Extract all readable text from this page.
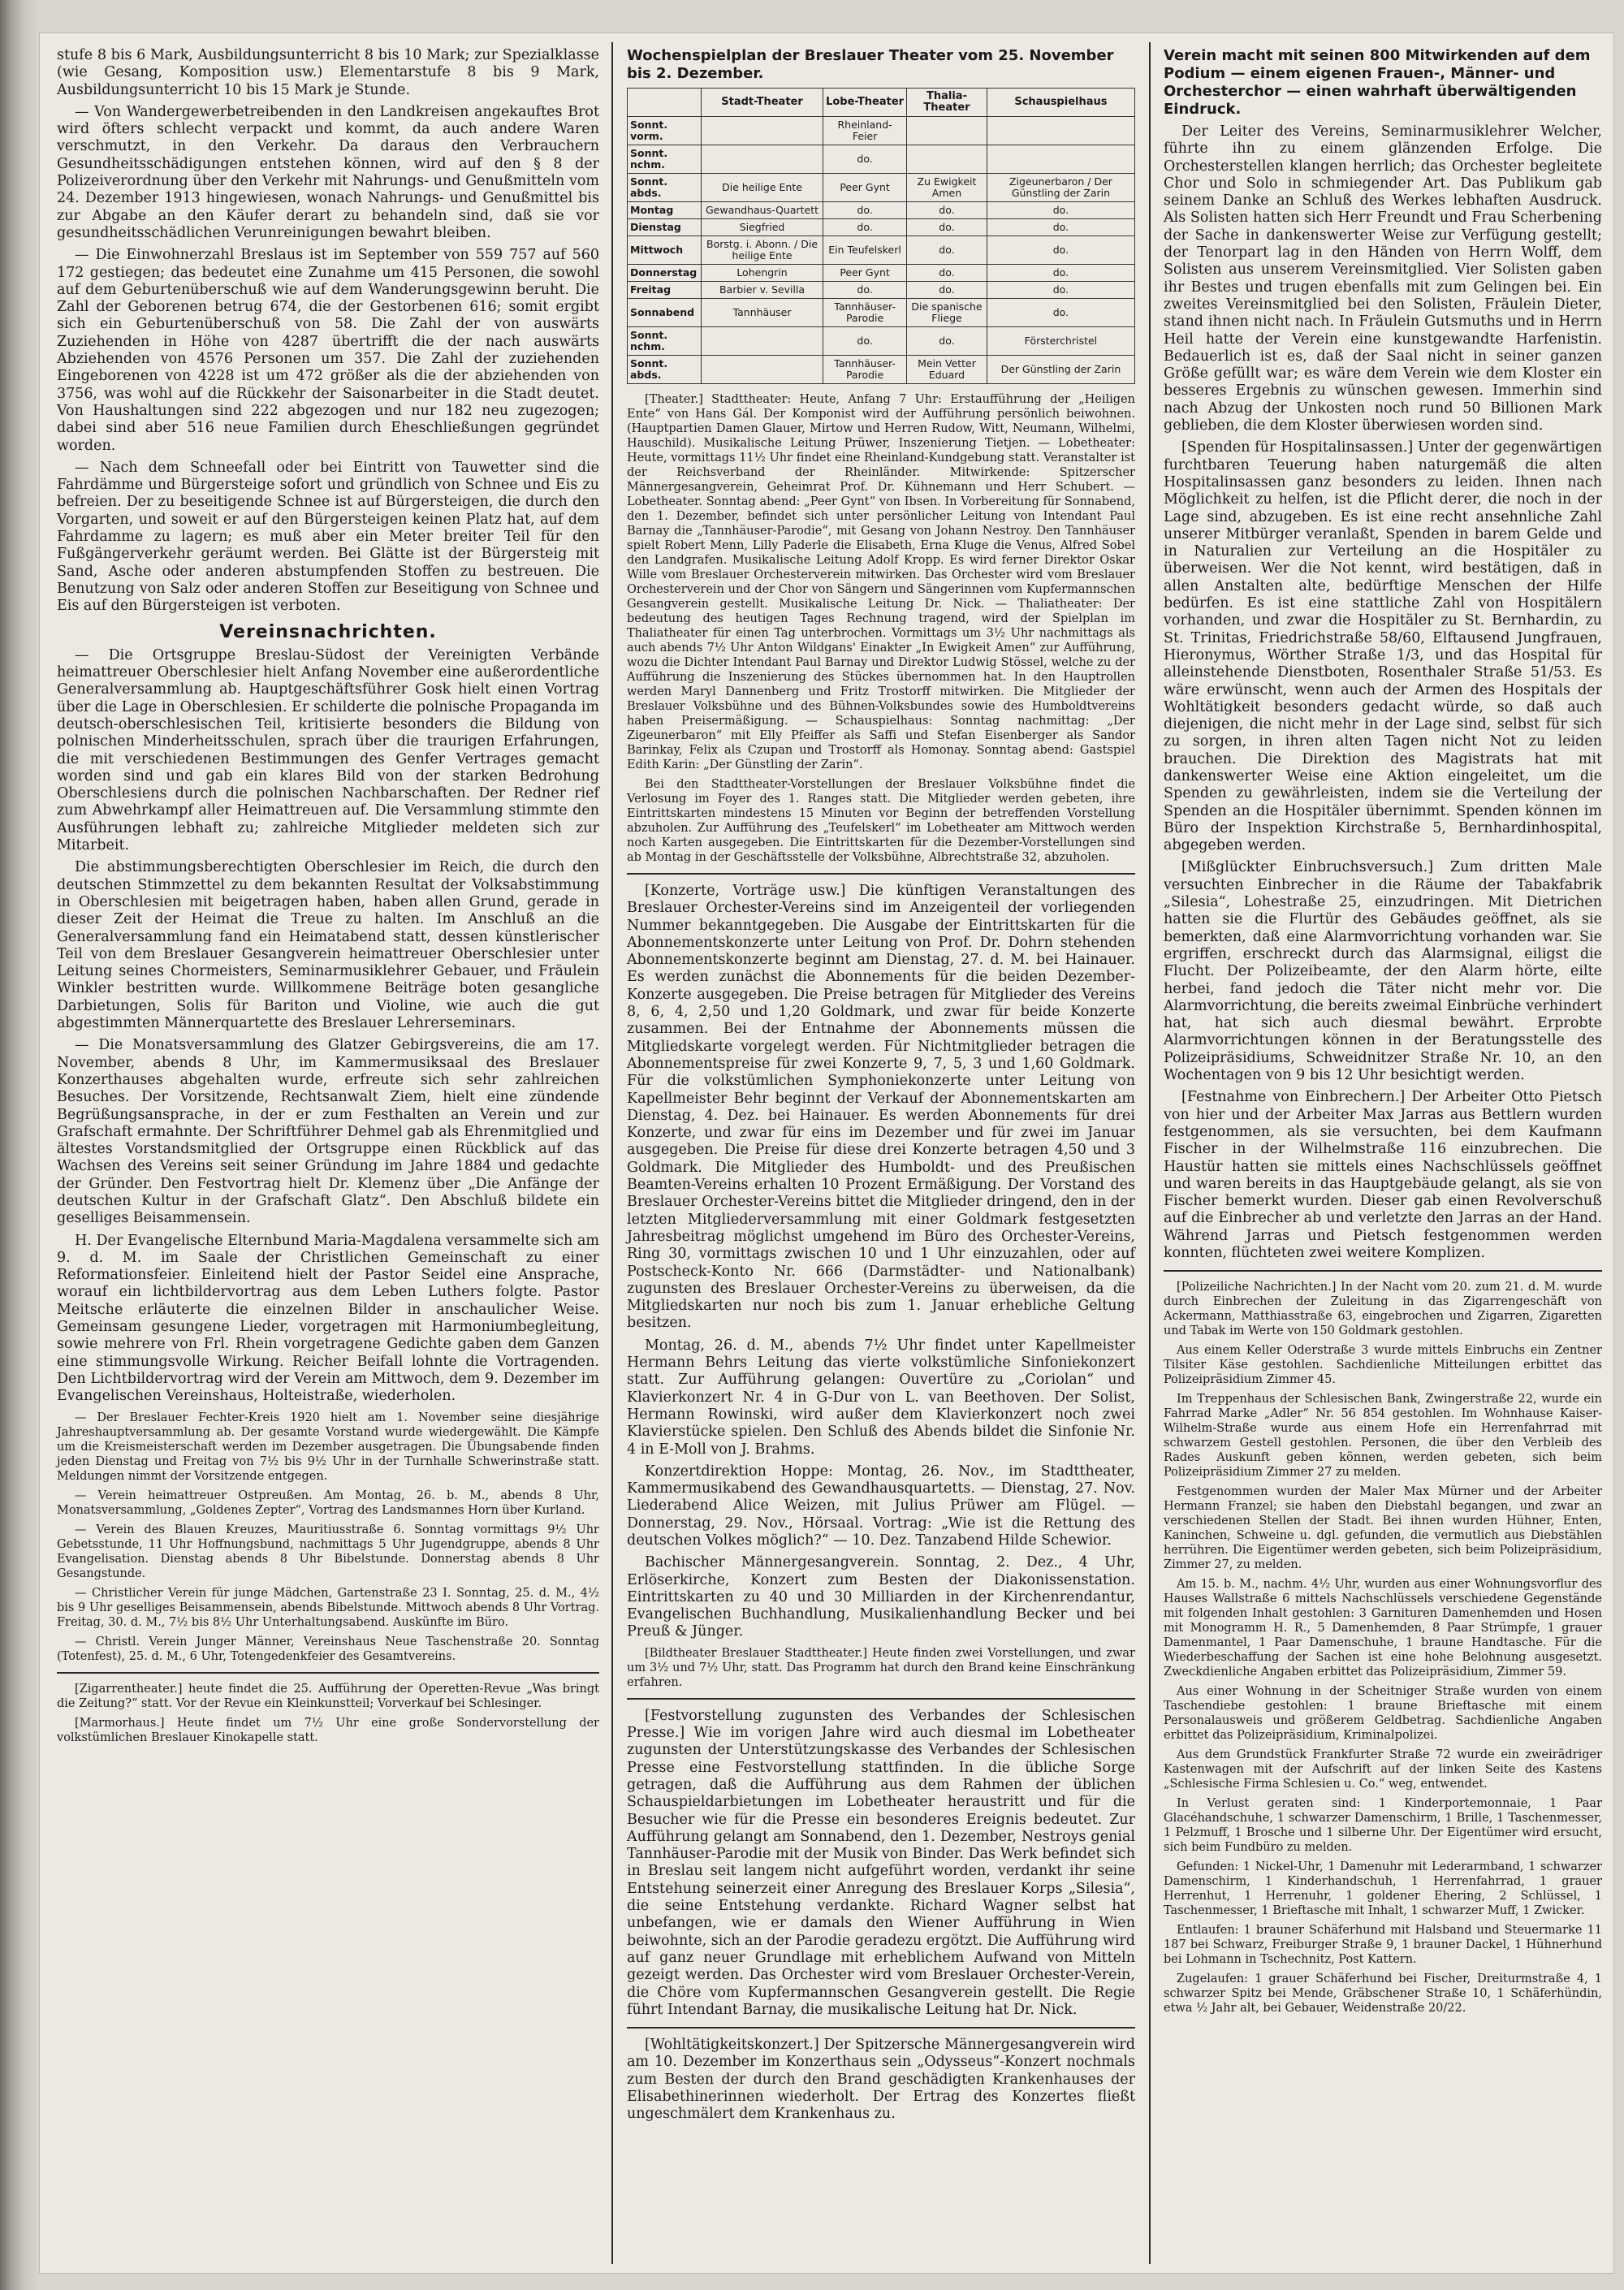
stufe 8 bis 6 Mark, Ausbildungsunterricht 8 bis 10 Mark; zur Spezialklasse (wie Gesang, Komposition usw.) Elementarstufe 8 bis 9 Mark, Ausbildungsunterricht 10 bis 15 Mark je Stunde.

— Von Wandergewerbetreibenden in den Landkreisen angekauftes Brot wird öfters schlecht verpackt und kommt, da auch andere Waren verschmutzt, in den Verkehr. Da daraus den Verbrauchern Gesundheitsschädigungen entstehen können, wird auf den § 8 der Polizeiverordnung über den Verkehr mit Nahrungs- und Genußmitteln vom 24. Dezember 1913 hingewiesen, wonach Nahrungs- und Genußmittel bis zur Abgabe an den Käufer derart zu behandeln sind, daß sie vor gesundheitsschädlichen Verunreinigungen bewahrt bleiben.

— Die Einwohnerzahl Breslaus ist im September von 559 757 auf 560 172 gestiegen; das bedeutet eine Zunahme um 415 Personen, die sowohl auf dem Geburtenüberschuß wie auf dem Wanderungsgewinn beruht. Die Zahl der Geborenen betrug 674, die der Gestorbenen 616; somit ergibt sich ein Geburtenüberschuß von 58. Die Zahl der von auswärts Zuziehenden in Höhe von 4287 übertrifft die der nach auswärts Abziehenden von 4576 Personen um 357. Die Zahl der zuziehenden Eingeborenen von 4228 ist um 472 größer als die der abziehenden von 3756, was wohl auf die Rückkehr der Saisonarbeiter in die Stadt deutet. Von Haushaltungen sind 222 abgezogen und nur 182 neu zugezogen; dabei sind aber 516 neue Familien durch Eheschließungen gegründet worden.

— Nach dem Schneefall oder bei Eintritt von Tauwetter sind die Fahrdämme und Bürgersteige sofort und gründlich von Schnee und Eis zu befreien. Der zu beseitigende Schnee ist auf Bürgersteigen, die durch den Vorgarten, und soweit er auf den Bürgersteigen keinen Platz hat, auf dem Fahrdamme zu lagern; es muß aber ein Meter breiter Teil für den Fußgängerverkehr geräumt werden. Bei Glätte ist der Bürgersteig mit Sand, Asche oder anderen abstumpfenden Stoffen zu bestreuen. Die Benutzung von Salz oder anderen Stoffen zur Beseitigung von Schnee und Eis auf den Bürgersteigen ist verboten.

Vereinsnachrichten.

— Die Ortsgruppe Breslau-Südost der Vereinigten Verbände heimattreuer Oberschlesier hielt Anfang November eine außerordentliche Generalversammlung ab. Hauptgeschäftsführer Gosk hielt einen Vortrag über die Lage in Oberschlesien. Er schilderte die polnische Propaganda im deutsch-oberschlesischen Teil, kritisierte besonders die Bildung von polnischen Minderheitsschulen, sprach über die traurigen Erfahrungen, die mit verschiedenen Bestimmungen des Genfer Vertrages gemacht worden sind und gab ein klares Bild von der starken Bedrohung Oberschlesiens durch die polnischen Nachbarschaften. Der Redner rief zum Abwehrkampf aller Heimattreuen auf. Die Versammlung stimmte den Ausführungen lebhaft zu; zahlreiche Mitglieder meldeten sich zur Mitarbeit.

Die abstimmungsberechtigten Oberschlesier im Reich, die durch den deutschen Stimmzettel zu dem bekannten Resultat der Volksabstimmung in Oberschlesien mit beigetragen haben, haben allen Grund, gerade in dieser Zeit der Heimat die Treue zu halten. Im Anschluß an die Generalversammlung fand ein Heimatabend statt, dessen künstlerischer Teil von dem Breslauer Gesangverein heimattreuer Oberschlesier unter Leitung seines Chormeisters, Seminarmusiklehrer Gebauer, und Fräulein Winkler bestritten wurde. Willkommene Beiträge boten gesangliche Darbietungen, Solis für Bariton und Violine, wie auch die gut abgestimmten Männerquartette des Breslauer Lehrerseminars.

— Die Monatsversammlung des Glatzer Gebirgsvereins, die am 17. November, abends 8 Uhr, im Kammermusiksaal des Breslauer Konzerthauses abgehalten wurde, erfreute sich sehr zahlreichen Besuches. Der Vorsitzende, Rechtsanwalt Ziem, hielt eine zündende Begrüßungsansprache, in der er zum Festhalten an Verein und zur Grafschaft ermahnte. Der Schriftführer Dehmel gab als Ehrenmitglied und ältestes Vorstandsmitglied der Ortsgruppe einen Rückblick auf das Wachsen des Vereins seit seiner Gründung im Jahre 1884 und gedachte der Gründer. Den Festvortrag hielt Dr. Klemenz über „Die Anfänge der deutschen Kultur in der Grafschaft Glatz“. Den Abschluß bildete ein geselliges Beisammensein.

H. Der Evangelische Elternbund Maria-Magdalena versammelte sich am 9. d. M. im Saale der Christlichen Gemeinschaft zu einer Reformationsfeier. Einleitend hielt der Pastor Seidel eine Ansprache, worauf ein lichtbildervortrag aus dem Leben Luthers folgte. Pastor Meitsche erläuterte die einzelnen Bilder in anschaulicher Weise. Gemeinsam gesungene Lieder, vorgetragen mit Harmoniumbegleitung, sowie mehrere von Frl. Rhein vorgetragene Gedichte gaben dem Ganzen eine stimmungsvolle Wirkung. Reicher Beifall lohnte die Vortragenden. Den Lichtbildervortrag wird der Verein am Mittwoch, dem 9. Dezember im Evangelischen Vereinshaus, Holteistraße, wiederholen.

— Der Breslauer Fechter-Kreis 1920 hielt am 1. November seine diesjährige Jahreshauptversammlung ab. Der gesamte Vorstand wurde wiedergewählt. Die Kämpfe um die Kreismeisterschaft werden im Dezember ausgetragen. Die Übungsabende finden jeden Dienstag und Freitag von 7½ bis 9½ Uhr in der Turnhalle Schwerinstraße statt. Meldungen nimmt der Vorsitzende entgegen.

— Verein heimattreuer Ostpreußen. Am Montag, 26. b. M., abends 8 Uhr, Monatsversammlung, „Goldenes Zepter“, Vortrag des Landsmannes Horn über Kurland.

— Verein des Blauen Kreuzes, Mauritiusstraße 6. Sonntag vormittags 9½ Uhr Gebetsstunde, 11 Uhr Hoffnungsbund, nachmittags 5 Uhr Jugendgruppe, abends 8 Uhr Evangelisation. Dienstag abends 8 Uhr Bibelstunde. Donnerstag abends 8 Uhr Gesangstunde.

— Christlicher Verein für junge Mädchen, Gartenstraße 23 I. Sonntag, 25. d. M., 4½ bis 9 Uhr geselliges Beisammensein, abends Bibelstunde. Mittwoch abends 8 Uhr Vortrag. Freitag, 30. d. M., 7½ bis 8½ Uhr Unterhaltungsabend. Auskünfte im Büro.

— Christl. Verein Junger Männer, Vereinshaus Neue Taschenstraße 20. Sonntag (Totenfest), 25. d. M., 6 Uhr, Totengedenkfeier des Gesamtvereins.

[Zigarrentheater.] heute findet die 25. Aufführung der Operetten-Revue „Was bringt die Zeitung?“ statt. Vor der Revue ein Kleinkunstteil; Vorverkauf bei Schlesinger.

[Marmorhaus.] Heute findet um 7½ Uhr eine große Sondervorstellung der volkstümlichen Breslauer Kinokapelle statt.

Wochenspielplan der Breslauer Theater vom 25. November bis 2. Dezember.
	Stadt-Theater	Lobe-Theater	Thalia-Theater	Schauspielhaus
Sonnt. vorm.		Rheinland-Feier		
Sonnt. nchm.		do.		
Sonnt. abds.	Die heilige Ente	Peer Gynt	Zu Ewigkeit Amen	Zigeunerbaron / Der Günstling der Zarin
Montag	Gewandhaus-Quartett	do.	do.	do.
Dienstag	Siegfried	do.	do.	do.
Mittwoch	Borstg. i. Abonn. / Die heilige Ente	Ein Teufelskerl	do.	do.
Donnerstag	Lohengrin	Peer Gynt	do.	do.
Freitag	Barbier v. Sevilla	do.	do.	do.
Sonnabend	Tannhäuser	Tannhäuser-Parodie	Die spanische Fliege	do.
Sonnt. nchm.		do.	do.	Försterchristel
Sonnt. abds.		Tannhäuser-Parodie	Mein Vetter Eduard	Der Günstling der Zarin

[Theater.] Stadttheater: Heute, Anfang 7 Uhr: Erstaufführung der „Heiligen Ente“ von Hans Gál. Der Komponist wird der Aufführung persönlich beiwohnen. (Hauptpartien Damen Glauer, Mirtow und Herren Rudow, Witt, Neumann, Wilhelmi, Hauschild). Musikalische Leitung Prüwer, Inszenierung Tietjen. — Lobetheater: Heute, vormittags 11½ Uhr findet eine Rheinland-Kundgebung statt. Veranstalter ist der Reichsverband der Rheinländer. Mitwirkende: Spitzerscher Männergesangverein, Geheimrat Prof. Dr. Kühnemann und Herr Schubert. — Lobetheater. Sonntag abend: „Peer Gynt“ von Ibsen. In Vorbereitung für Sonnabend, den 1. Dezember, befindet sich unter persönlicher Leitung von Intendant Paul Barnay die „Tannhäuser-Parodie“, mit Gesang von Johann Nestroy. Den Tannhäuser spielt Robert Menn, Lilly Paderle die Elisabeth, Erna Kluge die Venus, Alfred Sobel den Landgrafen. Musikalische Leitung Adolf Kropp. Es wird ferner Direktor Oskar Wille vom Breslauer Orchesterverein mitwirken. Das Orchester wird vom Breslauer Orchesterverein und der Chor von Sängern und Sängerinnen vom Kupfermannschen Gesangverein gestellt. Musikalische Leitung Dr. Nick. — Thaliatheater: Der bedeutung des heutigen Tages Rechnung tragend, wird der Spielplan im Thaliatheater für einen Tag unterbrochen. Vormittags um 3½ Uhr nachmittags als auch abends 7½ Uhr Anton Wildgans' Einakter „In Ewigkeit Amen“ zur Aufführung, wozu die Dichter Intendant Paul Barnay und Direktor Ludwig Stössel, welche zu der Aufführung die Inszenierung des Stückes übernommen hat. In den Hauptrollen werden Maryl Dannenberg und Fritz Trostorff mitwirken. Die Mitglieder der Breslauer Volksbühne und des Bühnen-Volksbundes sowie des Humboldtvereins haben Preisermäßigung. — Schauspielhaus: Sonntag nachmittag: „Der Zigeunerbaron“ mit Elly Pfeiffer als Saffi und Stefan Eisenberger als Sandor Barinkay, Felix als Czupan und Trostorff als Homonay. Sonntag abend: Gastspiel Edith Karin: „Der Günstling der Zarin“.

Bei den Stadttheater-Vorstellungen der Breslauer Volksbühne findet die Verlosung im Foyer des 1. Ranges statt. Die Mitglieder werden gebeten, ihre Eintrittskarten mindestens 15 Minuten vor Beginn der betreffenden Vorstellung abzuholen. Zur Aufführung des „Teufelskerl“ im Lobetheater am Mittwoch werden noch Karten ausgegeben. Die Eintrittskarten für die Dezember-Vorstellungen sind ab Montag in der Geschäftsstelle der Volksbühne, Albrechtstraße 32, abzuholen.

[Konzerte, Vorträge usw.] Die künftigen Veranstaltungen des Breslauer Orchester-Vereins sind im Anzeigenteil der vorliegenden Nummer bekanntgegeben. Die Ausgabe der Eintrittskarten für die Abonnementskonzerte unter Leitung von Prof. Dr. Dohrn stehenden Abonnementskonzerte beginnt am Dienstag, 27. d. M. bei Hainauer. Es werden zunächst die Abonnements für die beiden Dezember-Konzerte ausgegeben. Die Preise betragen für Mitglieder des Vereins 8, 6, 4, 2,50 und 1,20 Goldmark, und zwar für beide Konzerte zusammen. Bei der Entnahme der Abonnements müssen die Mitgliedskarte vorgelegt werden. Für Nichtmitglieder betragen die Abonnementspreise für zwei Konzerte 9, 7, 5, 3 und 1,60 Goldmark. Für die volkstümlichen Symphoniekonzerte unter Leitung von Kapellmeister Behr beginnt der Verkauf der Abonnementskarten am Dienstag, 4. Dez. bei Hainauer. Es werden Abonnements für drei Konzerte, und zwar für eins im Dezember und für zwei im Januar ausgegeben. Die Preise für diese drei Konzerte betragen 4,50 und 3 Goldmark. Die Mitglieder des Humboldt- und des Preußischen Beamten-Vereins erhalten 10 Prozent Ermäßigung. Der Vorstand des Breslauer Orchester-Vereins bittet die Mitglieder dringend, den in der letzten Mitgliederversammlung mit einer Goldmark festgesetzten Jahresbeitrag möglichst umgehend im Büro des Orchester-Vereins, Ring 30, vormittags zwischen 10 und 1 Uhr einzuzahlen, oder auf Postscheck-Konto Nr. 666 (Darmstädter- und Nationalbank) zugunsten des Breslauer Orchester-Vereins zu überweisen, da die Mitgliedskarten nur noch bis zum 1. Januar erhebliche Geltung besitzen.

Montag, 26. d. M., abends 7½ Uhr findet unter Kapellmeister Hermann Behrs Leitung das vierte volkstümliche Sinfoniekonzert statt. Zur Aufführung gelangen: Ouvertüre zu „Coriolan“ und Klavierkonzert Nr. 4 in G-Dur von L. van Beethoven. Der Solist, Hermann Rowinski, wird außer dem Klavierkonzert noch zwei Klavierstücke spielen. Den Schluß des Abends bildet die Sinfonie Nr. 4 in E-Moll von J. Brahms.

Konzertdirektion Hoppe: Montag, 26. Nov., im Stadttheater, Kammermusikabend des Gewandhausquartetts. — Dienstag, 27. Nov. Liederabend Alice Weizen, mit Julius Prüwer am Flügel. — Donnerstag, 29. Nov., Hörsaal. Vortrag: „Wie ist die Rettung des deutschen Volkes möglich?“ — 10. Dez. Tanzabend Hilde Schewior.

Bachischer Männergesangverein. Sonntag, 2. Dez., 4 Uhr, Erlöserkirche, Konzert zum Besten der Diakonissenstation. Eintrittskarten zu 40 und 30 Milliarden in der Kirchenrendantur, Evangelischen Buchhandlung, Musikalienhandlung Becker und bei Preuß & Jünger.

[Bildtheater Breslauer Stadttheater.] Heute finden zwei Vorstellungen, und zwar um 3½ und 7½ Uhr, statt. Das Programm hat durch den Brand keine Einschränkung erfahren.

[Festvorstellung zugunsten des Verbandes der Schlesischen Presse.] Wie im vorigen Jahre wird auch diesmal im Lobetheater zugunsten der Unterstützungskasse des Verbandes der Schlesischen Presse eine Festvorstellung stattfinden. In die übliche Sorge getragen, daß die Aufführung aus dem Rahmen der üblichen Schauspieldarbietungen im Lobetheater heraustritt und für die Besucher wie für die Presse ein besonderes Ereignis bedeutet. Zur Aufführung gelangt am Sonnabend, den 1. Dezember, Nestroys genial Tannhäuser-Parodie mit der Musik von Binder. Das Werk befindet sich in Breslau seit langem nicht aufgeführt worden, verdankt ihr seine Entstehung seinerzeit einer Anregung des Breslauer Korps „Silesia“, die seine Entstehung verdankte. Richard Wagner selbst hat unbefangen, wie er damals den Wiener Aufführung in Wien beiwohnte, sich an der Parodie geradezu ergötzt. Die Aufführung wird auf ganz neuer Grundlage mit erheblichem Aufwand von Mitteln gezeigt werden. Das Orchester wird vom Breslauer Orchester-Verein, die Chöre vom Kupfermannschen Gesangverein gestellt. Die Regie führt Intendant Barnay, die musikalische Leitung hat Dr. Nick.

[Wohltätigkeitskonzert.] Der Spitzersche Männergesangverein wird am 10. Dezember im Konzerthaus sein „Odysseus“-Konzert nochmals zum Besten der durch den Brand geschädigten Krankenhauses der Elisabethinerinnen wiederholt. Der Ertrag des Konzertes fließt ungeschmälert dem Krankenhaus zu.

Verein macht mit seinen 800 Mitwirkenden auf dem Podium — einem eigenen Frauen-, Männer- und Orchesterchor — einen wahrhaft überwältigenden Eindruck.

Der Leiter des Vereins, Seminarmusiklehrer Welcher, führte ihn zu einem glänzenden Erfolge. Die Orchesterstellen klangen herrlich; das Orchester begleitete Chor und Solo in schmiegender Art. Das Publikum gab seinem Danke an Schluß des Werkes lebhaften Ausdruck. Als Solisten hatten sich Herr Freundt und Frau Scherbening der Sache in dankenswerter Weise zur Verfügung gestellt; der Tenorpart lag in den Händen von Herrn Wolff, dem Solisten aus unserem Vereinsmitglied. Vier Solisten gaben ihr Bestes und trugen ebenfalls mit zum Gelingen bei. Ein zweites Vereinsmitglied bei den Solisten, Fräulein Dieter, stand ihnen nicht nach. In Fräulein Gutsmuths und in Herrn Heil hatte der Verein eine kunstgewandte Harfenistin. Bedauerlich ist es, daß der Saal nicht in seiner ganzen Größe gefüllt war; es wäre dem Verein wie dem Kloster ein besseres Ergebnis zu wünschen gewesen. Immerhin sind nach Abzug der Unkosten noch rund 50 Billionen Mark geblieben, die dem Kloster überwiesen worden sind.

[Spenden für Hospitalinsassen.] Unter der gegenwärtigen furchtbaren Teuerung haben naturgemäß die alten Hospitalinsassen ganz besonders zu leiden. Ihnen nach Möglichkeit zu helfen, ist die Pflicht derer, die noch in der Lage sind, abzugeben. Es ist eine recht ansehnliche Zahl unserer Mitbürger veranlaßt, Spenden in barem Gelde und in Naturalien zur Verteilung an die Hospitäler zu überweisen. Wer die Not kennt, wird bestätigen, daß in allen Anstalten alte, bedürftige Menschen der Hilfe bedürfen. Es ist eine stattliche Zahl von Hospitälern vorhanden, und zwar die Hospitäler zu St. Bernhardin, zu St. Trinitas, Friedrichstraße 58/60, Elftausend Jungfrauen, Hieronymus, Wörther Straße 1/3, und das Hospital für alleinstehende Dienstboten, Rosenthaler Straße 51/53. Es wäre erwünscht, wenn auch der Armen des Hospitals der Wohltätigkeit besonders gedacht würde, so daß auch diejenigen, die nicht mehr in der Lage sind, selbst für sich zu sorgen, in ihren alten Tagen nicht Not zu leiden brauchen. Die Direktion des Magistrats hat mit dankenswerter Weise eine Aktion eingeleitet, um die Spenden zu gewährleisten, indem sie die Verteilung der Spenden an die Hospitäler übernimmt. Spenden können im Büro der Inspektion Kirchstraße 5, Bernhardinhospital, abgegeben werden.

[Mißglückter Einbruchsversuch.] Zum dritten Male versuchten Einbrecher in die Räume der Tabakfabrik „Silesia“, Lohestraße 25, einzudringen. Mit Dietrichen hatten sie die Flurtür des Gebäudes geöffnet, als sie bemerkten, daß eine Alarmvorrichtung vorhanden war. Sie ergriffen, erschreckt durch das Alarmsignal, eiligst die Flucht. Der Polizeibeamte, der den Alarm hörte, eilte herbei, fand jedoch die Täter nicht mehr vor. Die Alarmvorrichtung, die bereits zweimal Einbrüche verhindert hat, hat sich auch diesmal bewährt. Erprobte Alarmvorrichtungen können in der Beratungsstelle des Polizeipräsidiums, Schweidnitzer Straße Nr. 10, an den Wochentagen von 9 bis 12 Uhr besichtigt werden.

[Festnahme von Einbrechern.] Der Arbeiter Otto Pietsch von hier und der Arbeiter Max Jarras aus Bettlern wurden festgenommen, als sie versuchten, bei dem Kaufmann Fischer in der Wilhelmstraße 116 einzubrechen. Die Haustür hatten sie mittels eines Nachschlüssels geöffnet und waren bereits in das Hauptgebäude gelangt, als sie von Fischer bemerkt wurden. Dieser gab einen Revolverschuß auf die Einbrecher ab und verletzte den Jarras an der Hand. Während Jarras und Pietsch festgenommen werden konnten, flüchteten zwei weitere Komplizen.

[Polizeiliche Nachrichten.] In der Nacht vom 20. zum 21. d. M. wurde durch Einbrechen der Zuleitung in das Zigarrengeschäft von Ackermann, Matthiasstraße 63, eingebrochen und Zigarren, Zigaretten und Tabak im Werte von 150 Goldmark gestohlen.

Aus einem Keller Oderstraße 3 wurde mittels Einbruchs ein Zentner Tilsiter Käse gestohlen. Sachdienliche Mitteilungen erbittet das Polizeipräsidium Zimmer 45.

Im Treppenhaus der Schlesischen Bank, Zwingerstraße 22, wurde ein Fahrrad Marke „Adler“ Nr. 56 854 gestohlen. Im Wohnhause Kaiser-Wilhelm-Straße wurde aus einem Hofe ein Herrenfahrrad mit schwarzem Gestell gestohlen. Personen, die über den Verbleib des Rades Auskunft geben können, werden gebeten, sich beim Polizeipräsidium Zimmer 27 zu melden.

Festgenommen wurden der Maler Max Mürner und der Arbeiter Hermann Franzel; sie haben den Diebstahl begangen, und zwar an verschiedenen Stellen der Stadt. Bei ihnen wurden Hühner, Enten, Kaninchen, Schweine u. dgl. gefunden, die vermutlich aus Diebstählen herrühren. Die Eigentümer werden gebeten, sich beim Polizeipräsidium, Zimmer 27, zu melden.

Am 15. b. M., nachm. 4½ Uhr, wurden aus einer Wohnungsvorflur des Hauses Wallstraße 6 mittels Nachschlüssels verschiedene Gegenstände mit folgenden Inhalt gestohlen: 3 Garnituren Damenhemden und Hosen mit Monogramm H. R., 5 Damenhemden, 8 Paar Strümpfe, 1 grauer Damenmantel, 1 Paar Damenschuhe, 1 braune Handtasche. Für die Wiederbeschaffung der Sachen ist eine hohe Belohnung ausgesetzt. Zweckdienliche Angaben erbittet das Polizeipräsidium, Zimmer 59.

Aus einer Wohnung in der Scheitniger Straße wurden von einem Taschendiebe gestohlen: 1 braune Brieftasche mit einem Personalausweis und größerem Geldbetrag. Sachdienliche Angaben erbittet das Polizeipräsidium, Kriminalpolizei.

Aus dem Grundstück Frankfurter Straße 72 wurde ein zweirädriger Kastenwagen mit der Aufschrift auf der linken Seite des Kastens „Schlesische Firma Schlesien u. Co.“ weg, entwendet.

In Verlust geraten sind: 1 Kinderportemonnaie, 1 Paar Glacéhandschuhe, 1 schwarzer Damenschirm, 1 Brille, 1 Taschenmesser, 1 Pelzmuff, 1 Brosche und 1 silberne Uhr. Der Eigentümer wird ersucht, sich beim Fundbüro zu melden.

Gefunden: 1 Nickel-Uhr, 1 Damenuhr mit Lederarmband, 1 schwarzer Damenschirm, 1 Kinderhandschuh, 1 Herrenfahrrad, 1 grauer Herrenhut, 1 Herrenuhr, 1 goldener Ehering, 2 Schlüssel, 1 Taschenmesser, 1 Brieftasche mit Inhalt, 1 schwarzer Muff, 1 Zwicker.

Entlaufen: 1 brauner Schäferhund mit Halsband und Steuermarke 11 187 bei Schwarz, Freiburger Straße 9, 1 brauner Dackel, 1 Hühnerhund bei Lohmann in Tschechnitz, Post Kattern.

Zugelaufen: 1 grauer Schäferhund bei Fischer, Dreiturmstraße 4, 1 schwarzer Spitz bei Mende, Gräbschener Straße 10, 1 Schäferhündin, etwa ½ Jahr alt, bei Gebauer, Weidenstraße 20/22.
